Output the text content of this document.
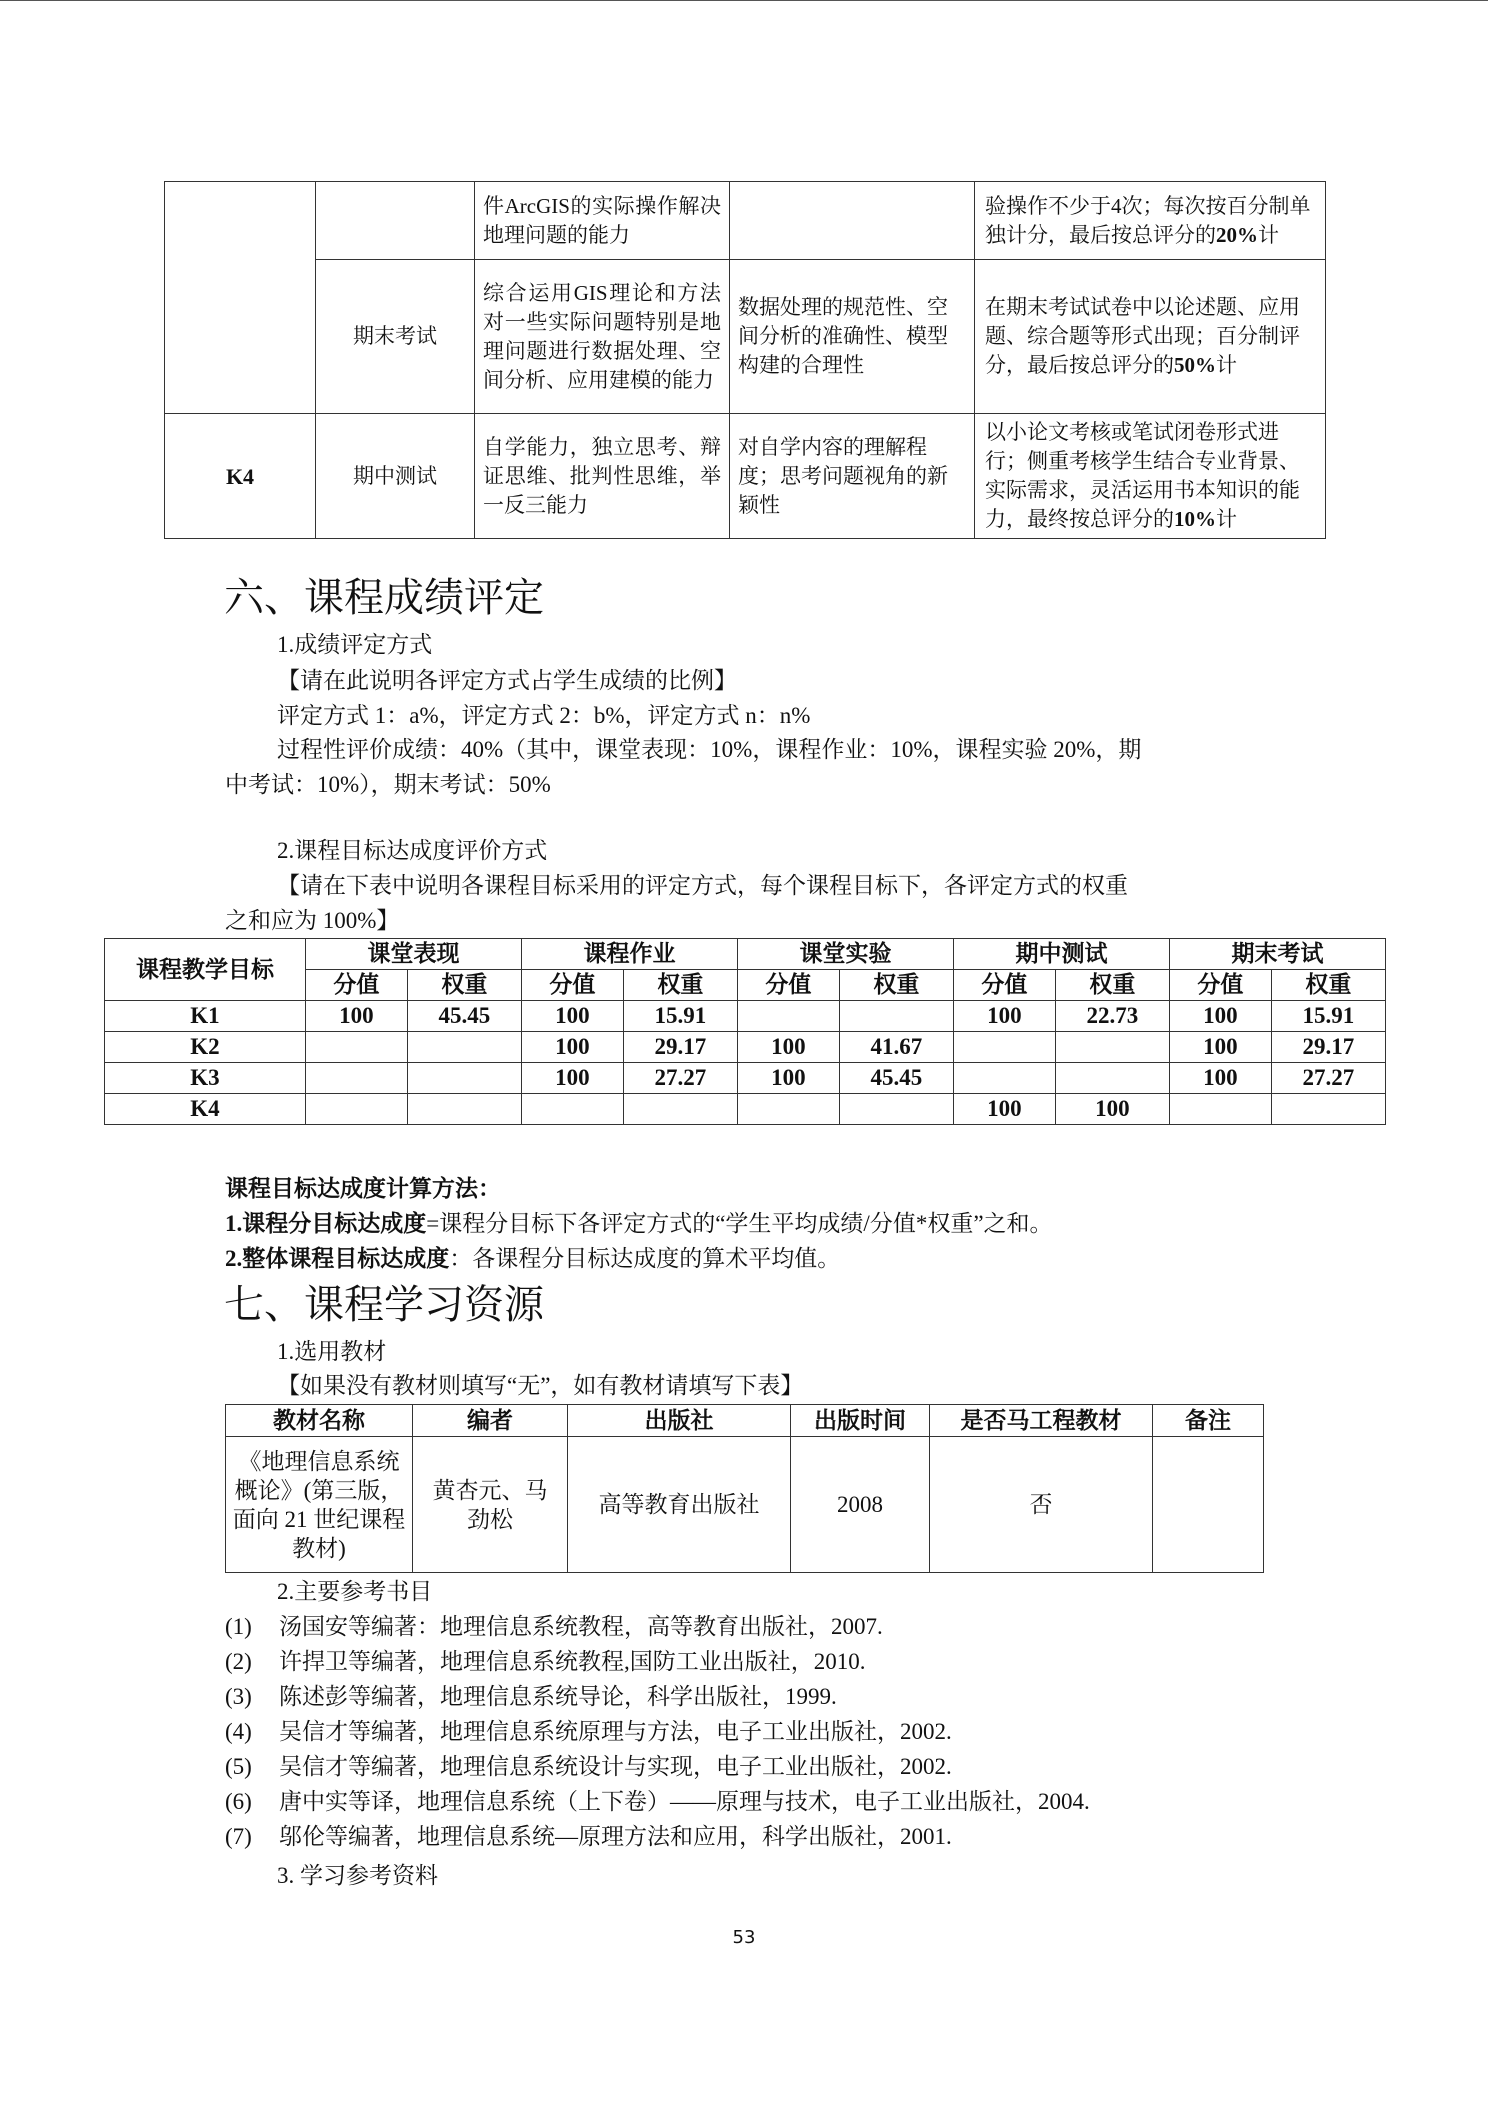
		件ArcGIS的实际操作解决地理问题的能力		验操作不少于4次；每次按百分制单独计分，最后按总评分的20%计
	期末考试	综合运用GIS理论和方法对一些实际问题特别是地理问题进行数据处理、空间分析、应用建模的能力	数据处理的规范性、空间分析的准确性、模型构建的合理性	在期末考试试卷中以论述题、应用题、综合题等形式出现；百分制评分，最后按总评分的50%计
K4	期中测试	自学能力，独立思考、辩证思维、批判性思维，举一反三能力	对自学内容的理解程度；思考问题视角的新颖性	以小论文考核或笔试闭卷形式进行；侧重考核学生结合专业背景、实际需求，灵活运用书本知识的能力，最终按总评分的10%计
六、课程成绩评定

1.成绩评定方式

【请在此说明各评定方式占学生成绩的比例】

评定方式 1：a%，评定方式 2：b%，评定方式 n：n%

过程性评价成绩：40%（其中，课堂表现：10%，课程作业：10%，课程实验 20%，期

中考试：10%），期末考试：50%

2.课程目标达成度评价方式

【请在下表中说明各课程目标采用的评定方式，每个课程目标下，各评定方式的权重

之和应为 100%】

课程教学目标	课堂表现		课程作业		课堂实验		期中测试		期末考试	
	分值	权重	分值	权重	分值	权重	分值	权重	分值	权重
K1	100	45.45	100	15.91			100	22.73	100	15.91
K2			100	29.17	100	41.67			100	29.17
K3			100	27.27	100	45.45			100	27.27
K4							100	100		

课程目标达成度计算方法：

1.课程分目标达成度=课程分目标下各评定方式的“学生平均成绩/分值*权重”之和。

2.整体课程目标达成度：各课程分目标达成度的算术平均值。

七、课程学习资源

1.选用教材

【如果没有教材则填写“无”，如有教材请填写下表】

教材名称	编者	出版社	出版时间	是否马工程教材	备注
《地理信息系统概论》(第三版，面向 21 世纪课程教材)	黄杏元、马劲松	高等教育出版社	2008	否	

2.主要参考书目

(1) 汤国安等编著：地理信息系统教程，高等教育出版社，2007.

(2) 许捍卫等编著，地理信息系统教程,国防工业出版社，2010.

(3) 陈述彭等编著，地理信息系统导论，科学出版社，1999.

(4) 吴信才等编著，地理信息系统原理与方法，电子工业出版社，2002.

(5) 吴信才等编著，地理信息系统设计与实现，电子工业出版社，2002.

(6) 唐中实等译，地理信息系统（上下卷）——原理与技术，电子工业出版社，2004.

(7) 邬伦等编著，地理信息系统—原理方法和应用，科学出版社，2001.

3. 学习参考资料

53
